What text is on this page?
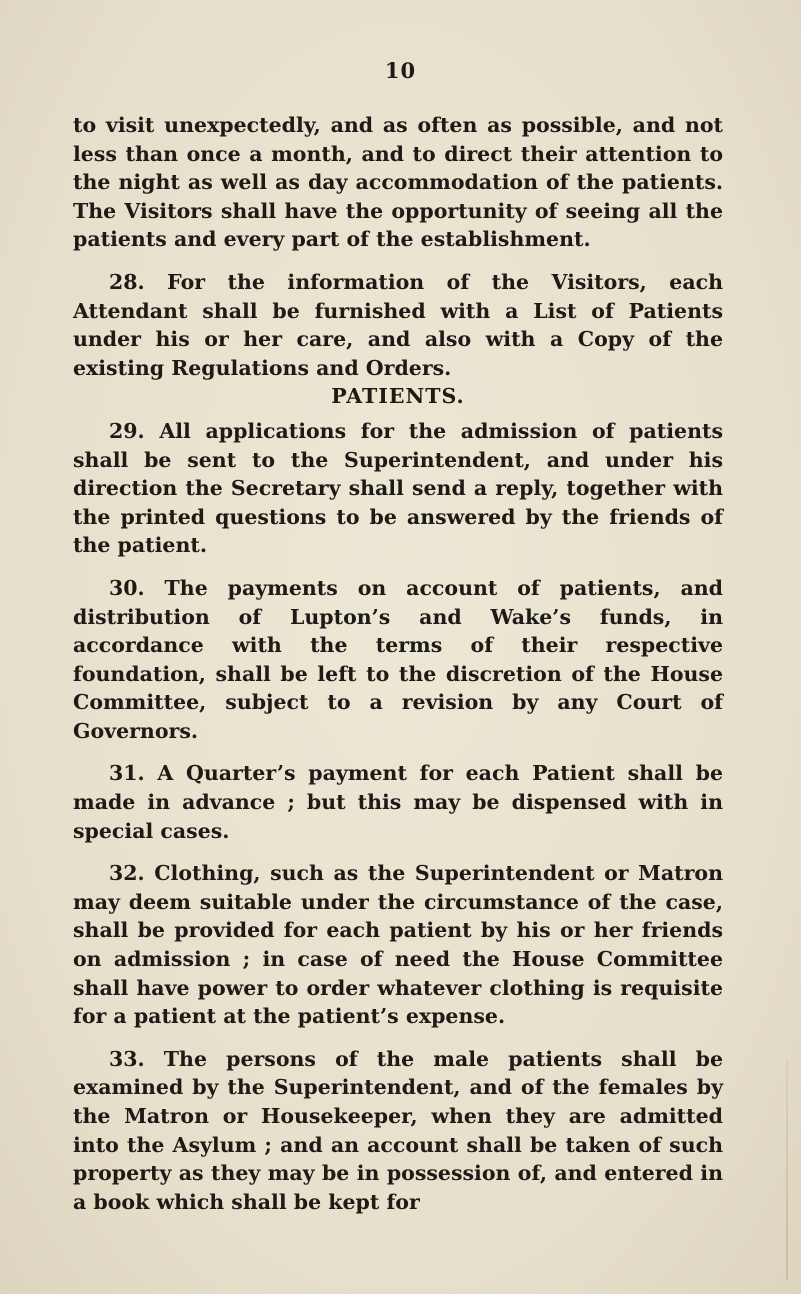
10

to visit unexpectedly, and as often as possible, and not less than once a month, and to direct their attention to the night as well as day accommodation of the patients. The Visitors shall have the opportunity of seeing all the patients and every part of the establishment.

28. For the information of the Visitors, each Attendant shall be furnished with a List of Patients under his or her care, and also with a Copy of the existing Regulations and Orders.

PATIENTS.

29. All applications for the admission of patients shall be sent to the Superintendent, and under his direction the Secretary shall send a reply, together with the printed questions to be answered by the friends of the patient.

30. The payments on account of patients, and distribution of Lupton’s and Wake’s funds, in accordance with the terms of their respective foundation, shall be left to the discretion of the House Committee, subject to a revision by any Court of Governors.

31. A Quarter’s payment for each Patient shall be made in advance ; but this may be dispensed with in special cases.

32. Clothing, such as the Superintendent or Matron may deem suitable under the circumstance of the case, shall be provided for each patient by his or her friends on admission ; in case of need the House Committee shall have power to order whatever clothing is requisite for a patient at the patient’s expense.

33. The persons of the male patients shall be examined by the Superintendent, and of the females by the Matron or Housekeeper, when they are admitted into the Asylum ; and an account shall be taken of such property as they may be in possession of, and entered in a book which shall be kept for
